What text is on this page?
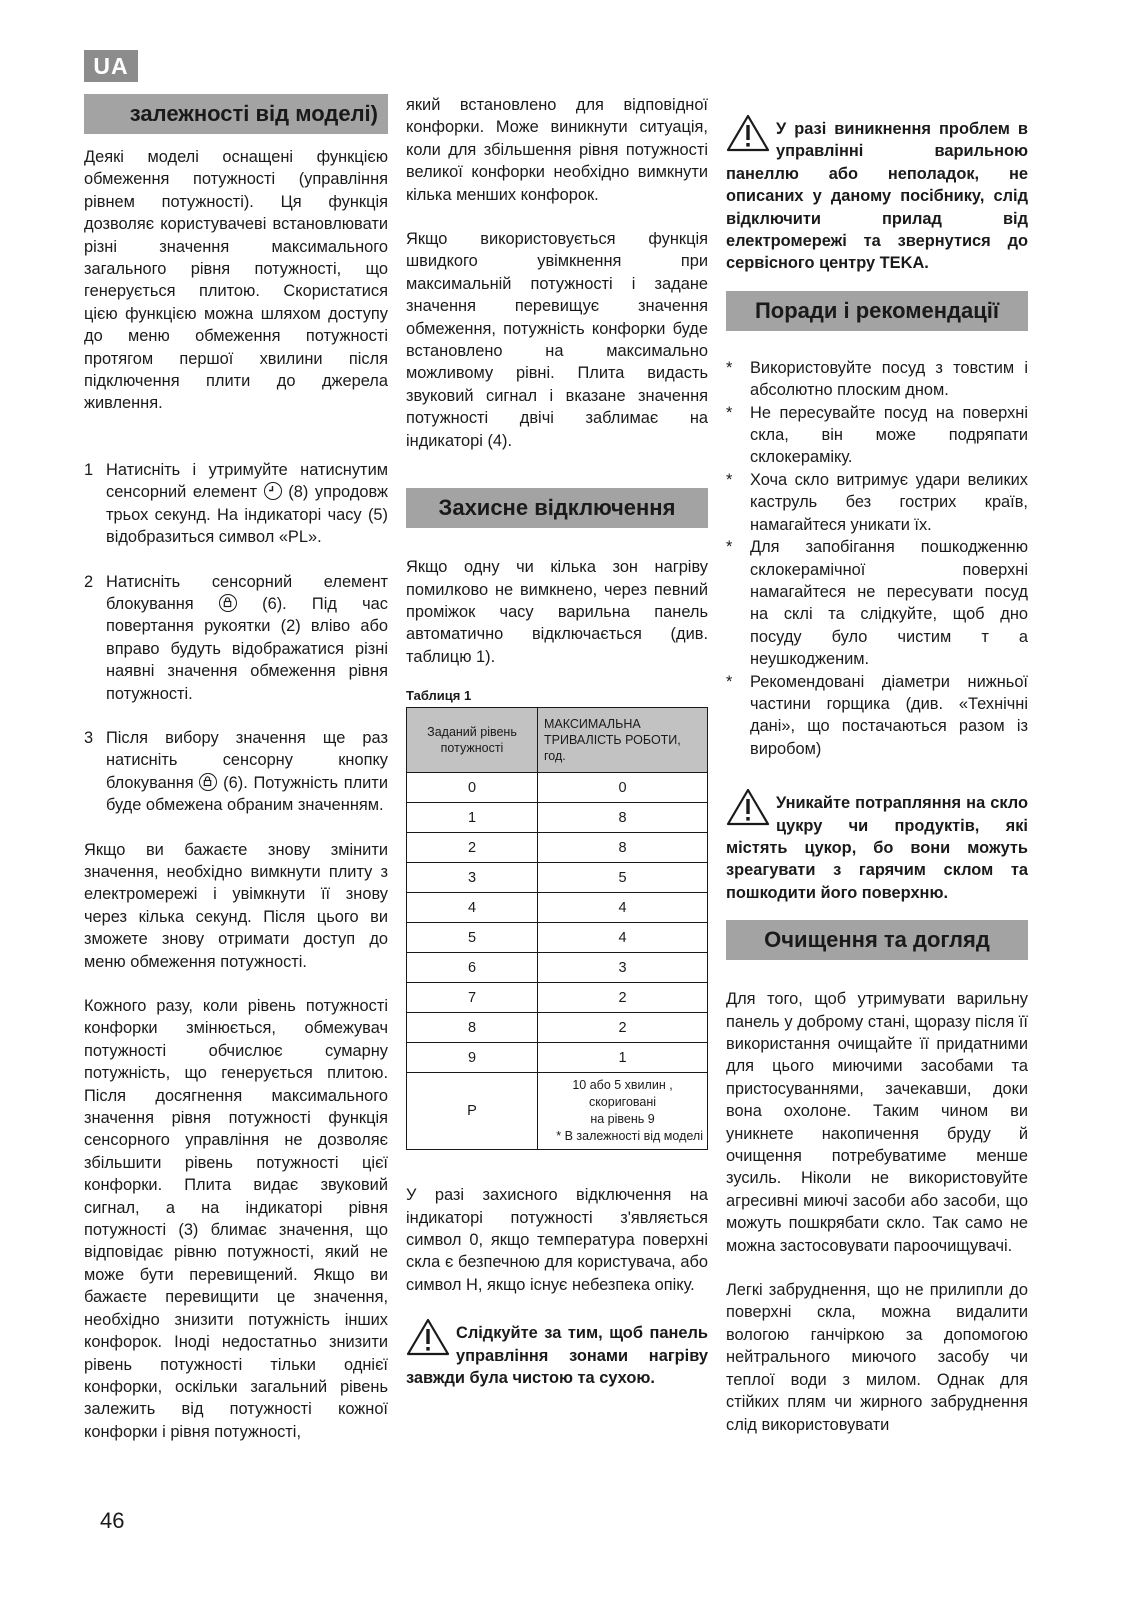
UA
залежності від моделі)

Деякі моделі оснащені функцією обмеження потужності (управління рівнем потужності). Ця функція дозволяє користувачеві встановлювати різні значення максимального загального рівня потужності, що генерується плитою. Скористатися цією функцією можна шляхом доступу до меню обмеження потужності протягом першої хвилини після підключення плити до джерела живлення.

1 Натисніть і утримуйте натиснутим сенсорний елемент (8) упродовж трьох секунд. На індикаторі часу (5) відобразиться символ «PL».
2 Натисніть сенсорний елемент блокування	(6). Під час повертання рукоятки (2) вліво або вправо будуть відображатися різні наявні значення обмеження рівня потужності.
3 Після вибору значення ще раз натисніть сенсорну кнопку блокування (6). Потужність плити буде обмежена обраним значенням.

Якщо ви бажаєте знову змінити значення, необхідно вимкнути плиту з електромережі і увімкнути її знову через кілька секунд. Після цього ви зможете знову отримати доступ до меню обмеження потужності.

Кожного разу, коли рівень потужності конфорки змінюється, обмежувач потужності обчислює сумарну потужність, що генерується плитою. Після досягнення максимального значення рівня потужності функція сенсорного управління не дозволяє збільшити рівень потужності цієї конфорки. Плита видає звуковий сигнал, а на індикаторі рівня потужності (3) блимає значення, що відповідає рівню потужності, який не може бути перевищений. Якщо ви бажаєте перевищити це значення, необхідно знизити потужність інших конфорок. Іноді недостатньо знизити рівень потужності тільки однієї конфорки, оскільки загальний рівень залежить від потужності кожної конфорки і рівня потужності,

який встановлено для відповідної конфорки. Може виникнути ситуація, коли для збільшення рівня потужності великої конфорки необхідно вимкнути кілька менших конфорок.

Якщо використовується функція швидкого увімкнення при максимальній потужності і задане значення перевищує значення обмеження, потужність конфорки буде встановлено на максимально можливому рівні. Плита видасть звуковий сигнал і вказане значення потужності двічі заблимає на індикаторі (4).

Захисне відключення

Якщо одну чи кілька зон нагріву помилково не вимкнено, через певний проміжок часу варильна панель автоматично відключається (див. таблицю 1).

Таблиця 1

Заданий рівень потужності	МАКСИМАЛЬНА ТРИВАЛІСТЬ РОБОТИ, год.
0	0
1	8
2	8
3	5
4	4
5	4
6	3
7	2
8	2
9	1
P	10 або 5 хвилин ,
скориговані
на рівень 9
* В залежності від моделі

У разі захисного відключення на індикаторі потужності з'являється символ 0, якщо температура поверхні скла є безпечною для користувача, або символ H, якщо існує небезпека опіку.

Слідкуйте за тим, щоб панель управління зонами нагріву завжди була чистою та сухою.

У разі виникнення проблем в управлінні варильною панеллю або неполадок, не описаних у даному посібнику, слід відключити прилад від електромережі та звернутися до сервісного центру TEKA.

Поради і рекомендації
*	Використовуйте посуд з товстим і абсолютно плоским дном.
*	Не пересувайте посуд на поверхні скла, він може подряпати склокераміку.
*	Хоча скло витримує удари великих каструль без гострих країв, намагайтеся уникати їх.
*	Для запобігання пошкодженню склокерамічної поверхні намагайтеся не пересувати посуд на склі та слідкуйте, щоб дно посуду було чистим т а неушкодженим.
*	Рекомендовані діаметри нижньої частини горщика (див. «Технічні дані», що постачаються разом із виробом)

Уникайте потрапляння на скло цукру чи продуктів, які містять цукор, бо вони можуть зреагувати з гарячим склом та пошкодити його поверхню.

Очищення та догляд

Для того, щоб утримувати варильну панель у доброму стані, щоразу після її використання очищайте її придатними для цього миючими засобами та пристосуваннями, зачекавши, доки вона охолоне. Таким чином ви уникнете накопичення бруду й очищення потребуватиме менше зусиль. Ніколи не використовуйте агресивні миючі засоби або засоби, що можуть пошкрябати скло. Так само не можна застосовувати пароочищувачі.

Легкі забруднення, що не прилипли до поверхні скла, можна видалити вологою ганчіркою за допомогою нейтрального миючого засобу чи теплої води з милом. Однак для стійких плям чи жирного забруднення слід використовувати

46
